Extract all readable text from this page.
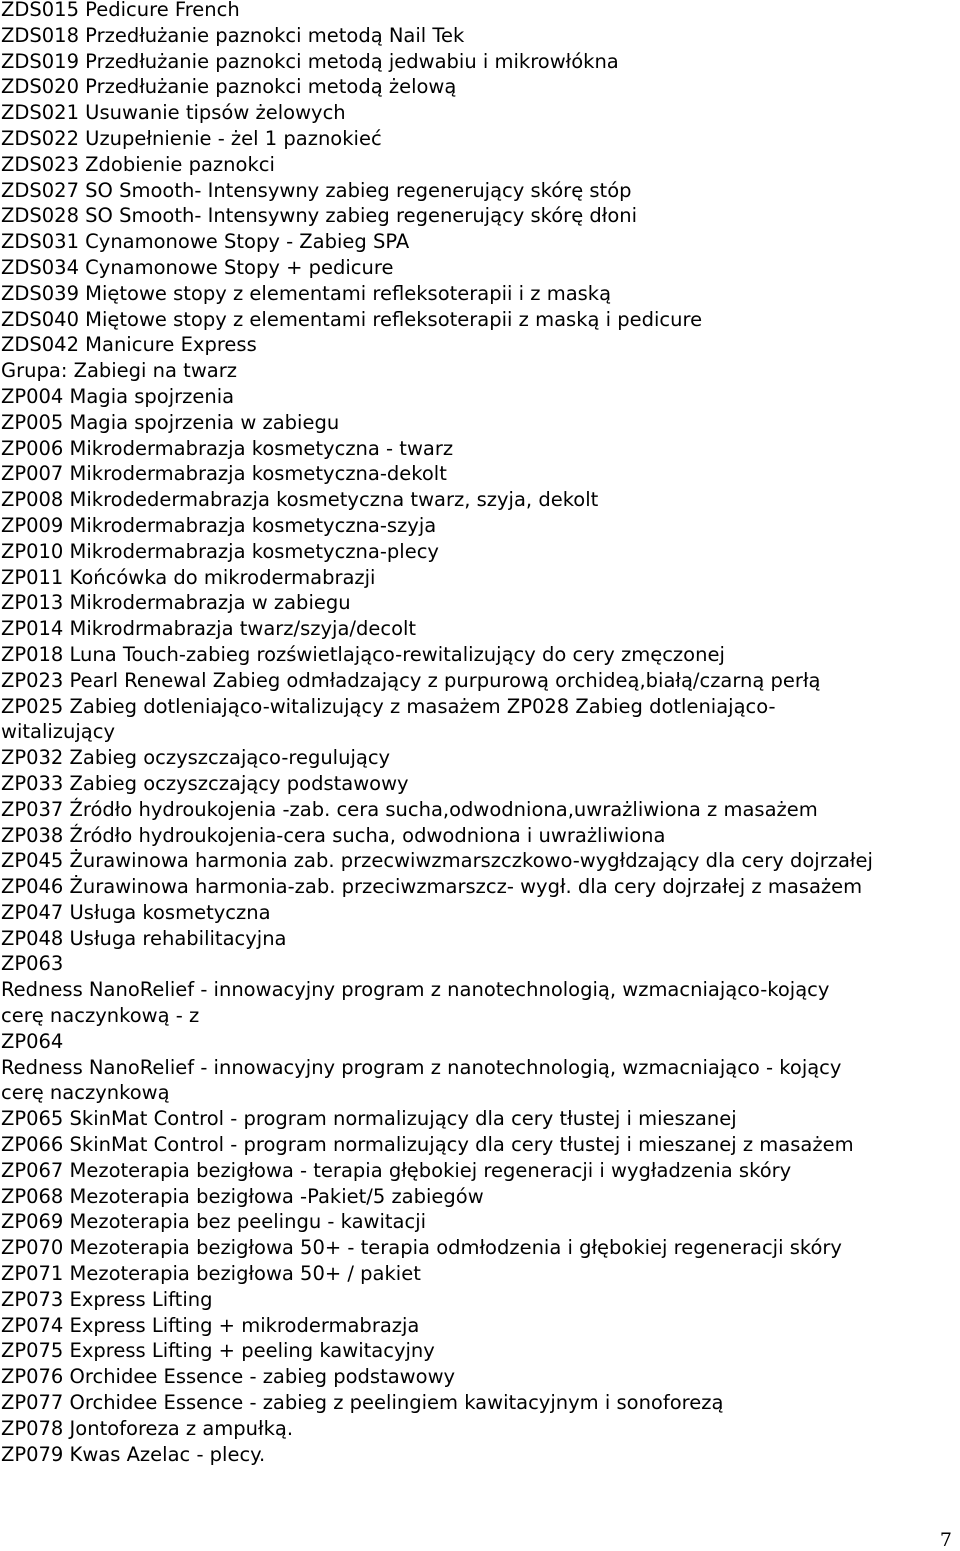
ZDS015 Pedicure French
ZDS018 Przedłużanie paznokci metodą Nail Tek
ZDS019 Przedłużanie paznokci metodą jedwabiu i mikrowłókna
ZDS020 Przedłużanie paznokci metodą żelową
ZDS021 Usuwanie tipsów żelowych
ZDS022 Uzupełnienie - żel 1 paznokieć
ZDS023 Zdobienie paznokci
ZDS027 SO Smooth- Intensywny zabieg regenerujący skórę stóp
ZDS028 SO Smooth- Intensywny zabieg regenerujący skórę dłoni
ZDS031 Cynamonowe Stopy - Zabieg SPA
ZDS034 Cynamonowe Stopy + pedicure
ZDS039 Miętowe stopy z elementami refleksoterapii i z maską
ZDS040 Miętowe stopy z elementami refleksoterapii z maską i pedicure
ZDS042 Manicure Express
Grupa: Zabiegi na twarz
ZP004 Magia spojrzenia
ZP005 Magia spojrzenia w zabiegu
ZP006 Mikrodermabrazja kosmetyczna - twarz
ZP007 Mikrodermabrazja kosmetyczna-dekolt
ZP008 Mikrodedermabrazja kosmetyczna twarz, szyja, dekolt
ZP009 Mikrodermabrazja kosmetyczna-szyja
ZP010 Mikrodermabrazja kosmetyczna-plecy
ZP011 Końcówka do mikrodermabrazji
ZP013 Mikrodermabrazja w zabiegu
ZP014 Mikrodrmabrazja twarz/szyja/decolt
ZP018 Luna Touch-zabieg rozświetlająco-rewitalizujący do cery zmęczonej
ZP023 Pearl Renewal Zabieg odmładzający z purpurową orchideą,białą/czarną perłą
ZP025 Zabieg dotleniająco-witalizujący z masażem ZP028 Zabieg dotleniająco-
witalizujący
ZP032 Zabieg oczyszczająco-regulujący
ZP033 Zabieg oczyszczający podstawowy
ZP037 Źródło hydroukojenia -zab. cera sucha,odwodniona,uwrażliwiona z masażem
ZP038 Źródło hydroukojenia-cera sucha, odwodniona i uwrażliwiona
ZP045 Żurawinowa harmonia zab. przecwiwzmarszczkowo-wygłdzający dla cery dojrzałej
ZP046 Żurawinowa harmonia-zab. przeciwzmarszcz- wygł. dla cery dojrzałej z masażem
ZP047 Usługa kosmetyczna
ZP048 Usługa rehabilitacyjna
ZP063
Redness NanoRelief - innowacyjny program z nanotechnologią, wzmacniająco-kojący
cerę naczynkową - z
ZP064
Redness NanoRelief - innowacyjny program z nanotechnologią, wzmacniająco - kojący
cerę naczynkową
ZP065 SkinMat Control - program normalizujący dla cery tłustej i mieszanej
ZP066 SkinMat Control - program normalizujący dla cery tłustej i mieszanej z masażem
ZP067 Mezoterapia bezigłowa - terapia głębokiej regeneracji i wygładzenia skóry
ZP068 Mezoterapia bezigłowa -Pakiet/5 zabiegów
ZP069 Mezoterapia bez peelingu - kawitacji
ZP070 Mezoterapia bezigłowa 50+ - terapia odmłodzenia i głębokiej regeneracji skóry
ZP071 Mezoterapia bezigłowa 50+ / pakiet
ZP073 Express Lifting
ZP074 Express Lifting + mikrodermabrazja
ZP075 Express Lifting + peeling kawitacyjny
ZP076 Orchidee Essence - zabieg podstawowy
ZP077 Orchidee Essence - zabieg z peelingiem kawitacyjnym i sonoforezą
ZP078 Jontoforeza z ampułką.
ZP079 Kwas Azelac - plecy.
7
